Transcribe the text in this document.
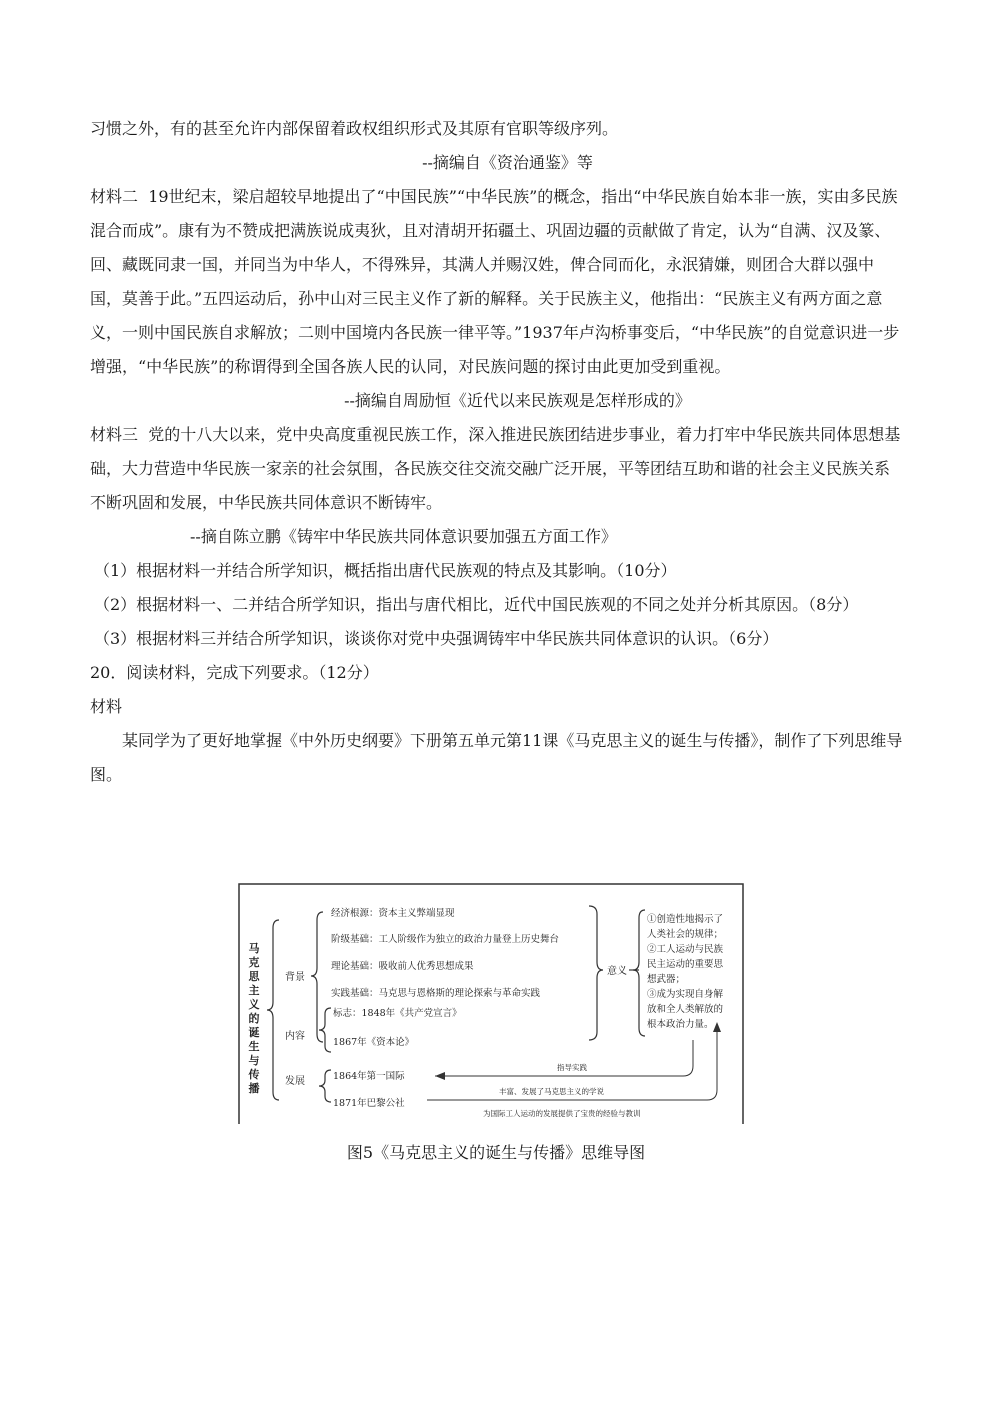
习惯之外，有的甚至允许内部保留着政权组织形式及其原有官职等级序列。

--摘编自《资治通鉴》等

材料二 19世纪末，梁启超较早地提出了“中国民族”“中华民族”的概念，指出“中华民族自始本非一族，实由多民族混合而成”。康有为不赞成把满族说成夷狄，且对清胡开拓疆土、巩固边疆的贡献做了肯定，认为“自满、汉及篆、回、藏既同隶一国，并同当为中华人，不得殊异，其满人并赐汉姓，俾合同而化，永泯猜嫌，则团合大群以强中国，莫善于此。”五四运动后，孙中山对三民主义作了新的解释。关于民族主义，他指出：“民族主义有两方面之意义，一则中国民族自求解放；二则中国境内各民族一律平等。”1937年卢沟桥事变后，“中华民族”的自觉意识进一步增强，“中华民族”的称谓得到全国各族人民的认同，对民族问题的探讨由此更加受到重视。

--摘编自周励恒《近代以来民族观是怎样形成的》

材料三 党的十八大以来，党中央高度重视民族工作，深入推进民族团结进步事业，着力打牢中华民族共同体思想基础，大力营造中华民族一家亲的社会氛围，各民族交往交流交融广泛开展，平等团结互助和谐的社会主义民族关系不断巩固和发展，中华民族共同体意识不断铸牢。

--摘自陈立鹏《铸牢中华民族共同体意识要加强五方面工作》

（1）根据材料一并结合所学知识，概括指出唐代民族观的特点及其影响。（10分）

（2）根据材料一、二并结合所学知识，指出与唐代相比，近代中国民族观的不同之处并分析其原因。（8分）

（3）根据材料三并结合所学知识，谈谈你对党中央强调铸牢中华民族共同体意识的认识。（6分）

20．阅读材料，完成下列要求。（12分）

材料

某同学为了更好地掌握《中外历史纲要》下册第五单元第11课《马克思主义的诞生与传播》，制作了下列思维导图。

马克思主义的诞生与传播
背景
内容
发展
经济根源：资本主义弊端显现
阶级基础：工人阶级作为独立的政治力量登上历史舞台
理论基础：吸收前人优秀思想成果
实践基础：马克思与恩格斯的理论探索与革命实践
标志：1848年《共产党宣言》
1867年《资本论》
1864年第一国际
1871年巴黎公社
意义
①创造性地揭示了
人类社会的规律；
②工人运动与民族
民主运动的重要思
想武器；
③成为实现自身解
放和全人类解放的
根本政治力量。
指导实践
丰富、发展了马克思主义的学说
为国际工人运动的发展提供了宝贵的经验与教训
图5《马克思主义的诞生与传播》思维导图
